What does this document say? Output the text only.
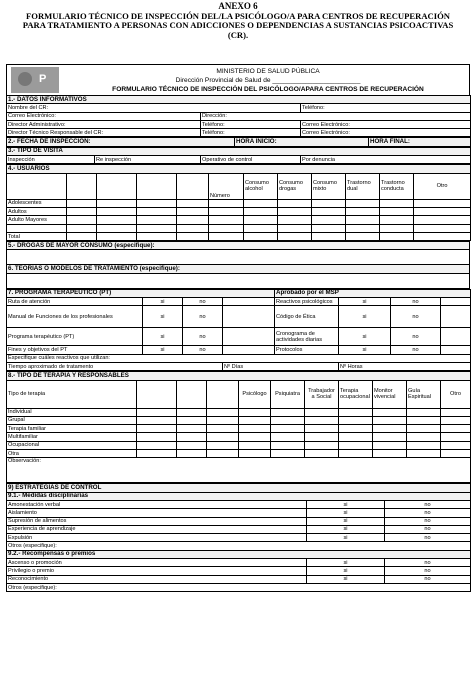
ANEXO 6
FORMULARIO TÉCNICO DE INSPECCIÓN DEL/LA PSICÓLOGO/A PARA CENTROS DE RECUPERACIÓN
PARA TRATAMIENTO A PERSONAS CON ADICCIONES O DEPENDENCIAS A SUSTANCIAS PSICOACTIVAS
(CR).
P
MINISTERIO DE SALUD PÚBLICA
Dirección Provincial de Salud de ________________________
FORMULARIO TÉCNICO DE INSPECCIÓN DEL PSICÓLOGO/APARA CENTROS DE RECUPERACIÓN
1.- DATOS INFORMATIVOS		
Nombre del CR:		Teléfono:
Correo Electrónico:	Dirección:	
Director Administrativo:	Teléfono:	Correo Electrónico:
Director Técnico Responsable del CR:	Teléfono:	Correo Electrónico:
2.- FECHA DE INSPECCIÓN:	HORA INICIO:	HORA FINAL:
3.- TIPO DE VISITA
Inspección	Re inspección	Operativo de control	Por denuncia
4.- USUARIOS											
					Número	Consumo alcohol	Consumo drogas	Consumo mixto	Trastorno dual	Trastorno conducta	Otro
Adolescentes											
Adultos											
Adulto Mayores											

Total											
5.- DROGAS DE MAYOR CONSUMO (especifique):

6. TEORIAS O MODELOS DE TRATAMIENTO (especifique):

7. PROGRAMA TERAPÉUTICO (PT)				Aprobado por el MSP			
Ruta de atención	si	no		Reactivos psicológicos	si	no	
Manual de Funciones de los profesionales	si	no		Código de Ética	si	no	
Programa terapéutico (PT)	si	no		Cronograma de actividades diarias	si	no	
Fines y objetivos del PT	si	no		Protocolos	si	no	
Especifique cuáles reactivos que utilizan:							
Tiempo aproximado de tratamento			Nº Días		Nº Horas		
8.- TIPO DE TERAPIA Y RESPONSABLES										
Tipo de terapia				Psicólogo	Psiquiatra	Trabajador a Social	Terapia ocupacional	Monitor vivencial	Guía Espiritual	Otro
Individual										
Grupal										
Terapia familiar										
Multifamiliar										
Ocupacional										
Otra										
Observación:										
9) ESTRATEGIAS DE CONTROL		
9.1.- Medidas disciplinarias		
Amonestación verbal	si	no
Aislamiento	si	no
Supresión de alimentos	si	no
Experiencia de aprendizaje	si	no
Expulsión	si	no
Otros (especifique):		
9.2.- Recompensas o premios		
Ascenso o promoción	si	no
Privilegio o premio	si	no
Reconocimiento	si	no
Otros (especifique):		
